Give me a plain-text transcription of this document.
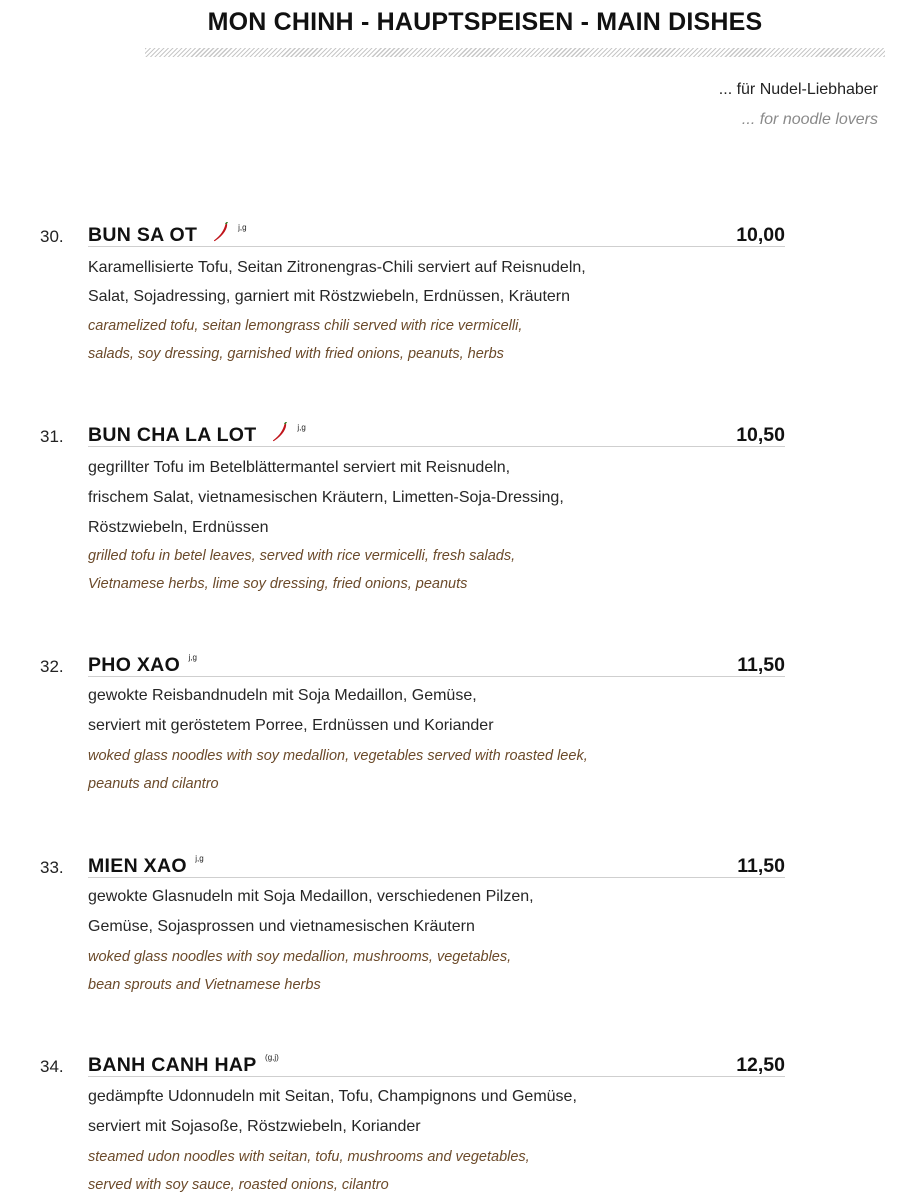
MON CHINH - HAUPTSPEISEN - MAIN DISHES
... für Nudel-Liebhaber
... for noodle lovers
30. BUN SA OT	j,g	10,00
Karamellisierte Tofu, Seitan Zitronengras-Chili serviert auf Reisnudeln,
Salat, Sojadressing, garniert mit Röstzwiebeln, Erdnüssen, Kräutern
caramelized tofu, seitan lemongrass chili served with rice vermicelli,
salads, soy dressing, garnished with fried onions, peanuts, herbs
31. BUN CHA LA LOT	j,g	10,50
gegrillter Tofu im Betelblättermantel serviert mit Reisnudeln,
frischem Salat, vietnamesischen Kräutern, Limetten-Soja-Dressing,
Röstzwiebeln, Erdnüssen
grilled tofu in betel leaves, served with rice vermicelli, fresh salads,
Vietnamese herbs, lime soy dressing, fried onions, peanuts
32. PHO XAO j,g	11,50
gewokte Reisbandnudeln mit Soja Medaillon, Gemüse,
serviert mit geröstetem Porree, Erdnüssen und Koriander
woked glass noodles with soy medallion, vegetables served with roasted leek,
peanuts and cilantro
33. MIEN XAO j,g	11,50
gewokte Glasnudeln mit Soja Medaillon, verschiedenen Pilzen,
Gemüse, Sojasprossen und vietnamesischen Kräutern
woked glass noodles with soy medallion, mushrooms, vegetables,
bean sprouts and Vietnamese herbs
34. BANH CANH HAP (g,j)	12,50
gedämpfte Udonnudeln mit Seitan, Tofu, Champignons und Gemüse,
serviert mit Sojasoße, Röstzwiebeln, Koriander
steamed udon noodles with seitan, tofu, mushrooms and vegetables,
served with soy sauce, roasted onions, cilantro
